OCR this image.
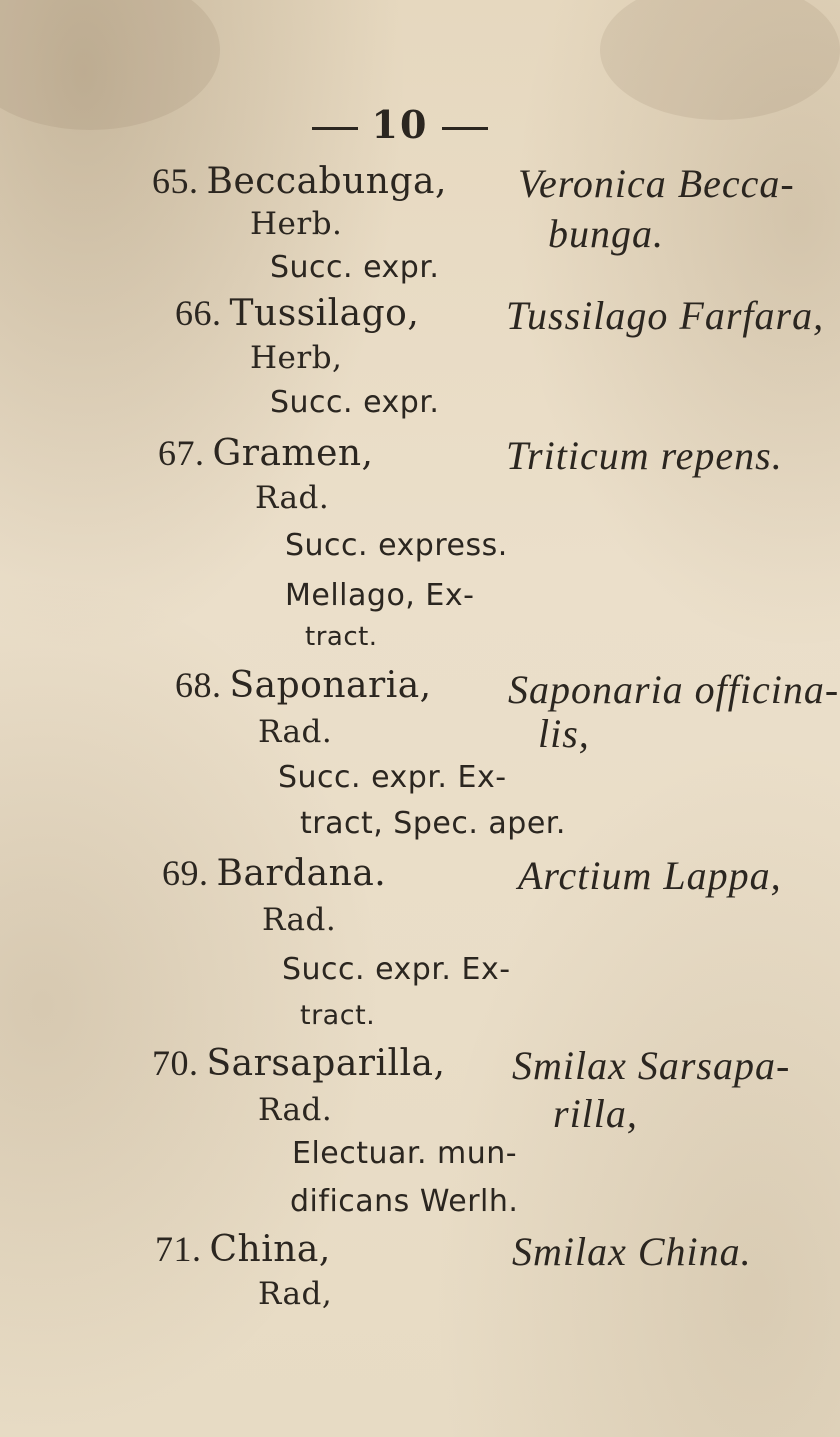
10
65. Beccabunga,
Herb.
Succ. expr.
Veronica Becca-
bunga.
66. Tussilago,
Herb,
Succ. expr.
Tussilago Farfara,
67. Gramen,
Rad.
Succ. express.
Mellago, Ex-
tract.
Triticum repens.
68. Saponaria,
Rad.
Succ. expr. Ex-
tract, Spec. aper.
Saponaria officina-
lis,
69. Bardana.
Rad.
Succ. expr. Ex-
tract.
Arctium Lappa,
70. Sarsaparilla,
Rad.
Electuar. mun-
dificans Werlh.
Smilax Sarsapa-
rilla,
71. China,
Rad,
Smilax China.
